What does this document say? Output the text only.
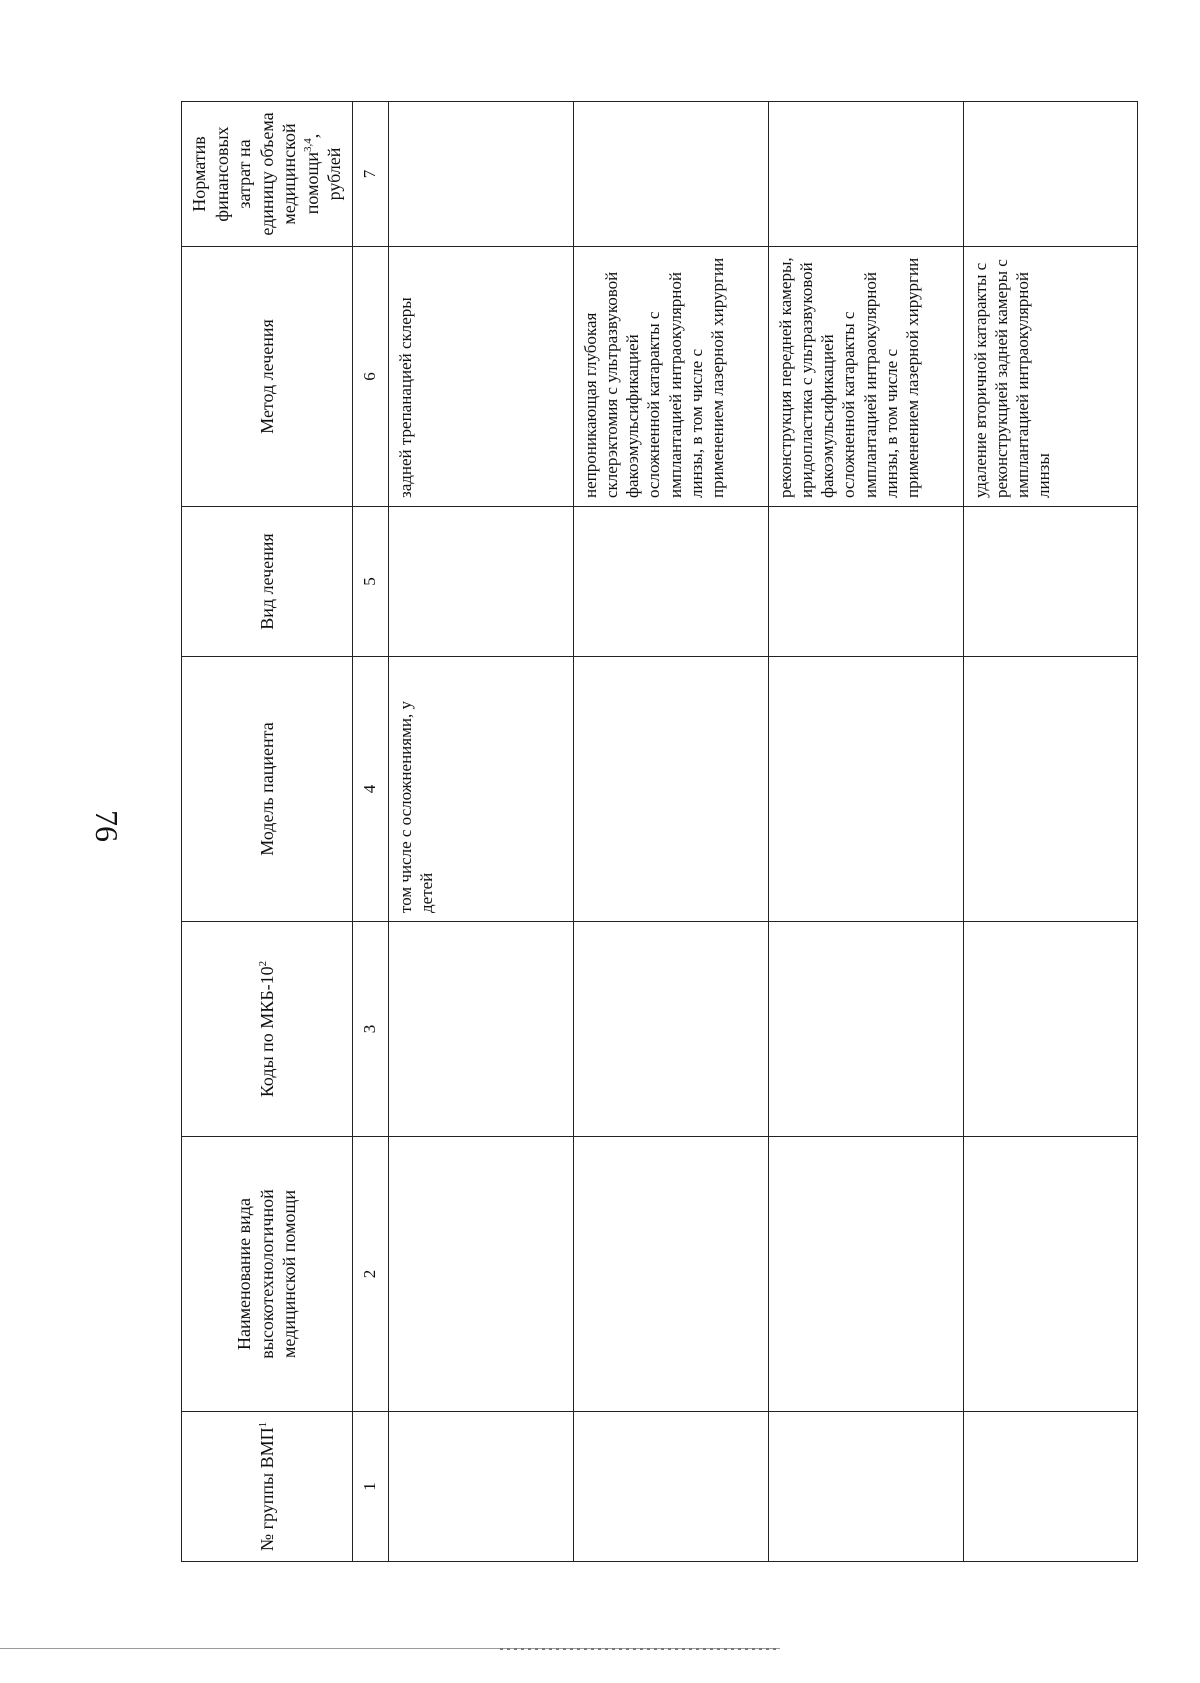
76
№ группы ВМП$^1$	Наименование вида высокотехнологичной медицинской помощи	Коды по МКБ-$10^2$	Модель пациента	Вид лечения	Метод лечения	Норматив финансовых затрат на единицу объема медицинской помощи$^{3,4}$, рублей
1	2	3	4	5	6	7
			том числе с осложнениями, у детей		задней трепанацией склеры	
					непроникающая глубокая склерэктомия с ультразвуковой факоэмульсификацией осложненной катаракты с имплантацией интраокулярной линзы, в том числе с применением лазерной хирургии	
					реконструкция передней камеры, иридопластика с ультразвуковой факоэмульсификацией осложненной катаракты с имплантацией интраокулярной линзы, в том числе с применением лазерной хирургии	
					удаление вторичной катаракты с реконструкцией задней камеры с имплантацией интраокулярной линзы	
